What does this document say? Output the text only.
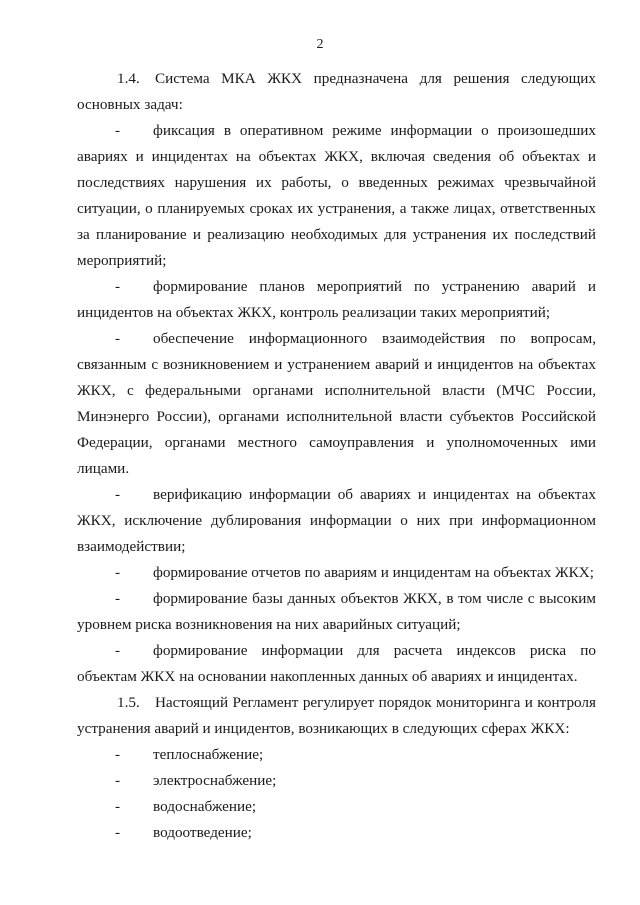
2
1.4. Система МКА ЖКХ предназначена для решения следующих основных задач:
- фиксация в оперативном режиме информации о произошедших авариях и инцидентах на объектах ЖКХ, включая сведения об объектах и последствиях нарушения их работы, о введенных режимах чрезвычайной ситуации, о планируемых сроках их устранения, а также лицах, ответственных за планирование и реализацию необходимых для устранения их последствий мероприятий;
- формирование планов мероприятий по устранению аварий и инцидентов на объектах ЖКХ, контроль реализации таких мероприятий;
- обеспечение информационного взаимодействия по вопросам, связанным с возникновением и устранением аварий и инцидентов на объектах ЖКХ, с федеральными органами исполнительной власти (МЧС России, Минэнерго России), органами исполнительной власти субъектов Российской Федерации, органами местного самоуправления и уполномоченных ими лицами.
- верификацию информации об авариях и инцидентах на объектах ЖКХ, исключение дублирования информации о них при информационном взаимодействии;
- формирование отчетов по авариям и инцидентам на объектах ЖКХ;
- формирование базы данных объектов ЖКХ, в том числе с высоким уровнем риска возникновения на них аварийных ситуаций;
- формирование информации для расчета индексов риска по объектам ЖКХ на основании накопленных данных об авариях и инцидентах.
1.5. Настоящий Регламент регулирует порядок мониторинга и контроля устранения аварий и инцидентов, возникающих в следующих сферах ЖКХ:
- теплоснабжение;
- электроснабжение;
- водоснабжение;
- водоотведение;
